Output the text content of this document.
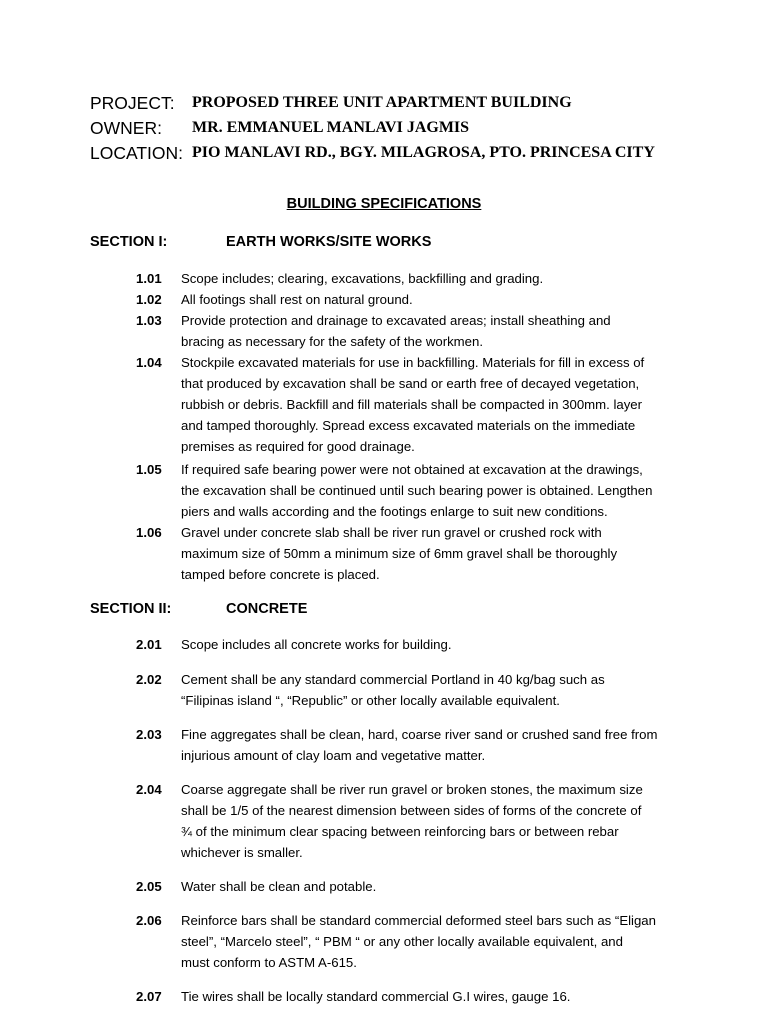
PROJECT: PROPOSED THREE UNIT APARTMENT BUILDING
OWNER: MR. EMMANUEL MANLAVI JAGMIS
LOCATION: PIO MANLAVI RD., BGY. MILAGROSA, PTO. PRINCESA CITY
BUILDING SPECIFICATIONS
SECTION I:	EARTH WORKS/SITE WORKS
1.01 Scope includes; clearing, excavations, backfilling and grading.
1.02 All footings shall rest on natural ground.
1.03 Provide protection and drainage to excavated areas; install sheathing and
bracing as necessary for the safety of the workmen.
1.04 Stockpile excavated materials for use in backfilling. Materials for fill in excess of
that produced by excavation shall be sand or earth free of decayed vegetation,
rubbish or debris. Backfill and fill materials shall be compacted in 300mm. layer
and tamped thoroughly. Spread excess excavated materials on the immediate
premises as required for good drainage.
1.05 If required safe bearing power were not obtained at excavation at the drawings,
the excavation shall be continued until such bearing power is obtained. Lengthen
piers and walls according and the footings enlarge to suit new conditions.
1.06 Gravel under concrete slab shall be river run gravel or crushed rock with
maximum size of 50mm a minimum size of 6mm gravel shall be thoroughly
tamped before concrete is placed.
SECTION II:	CONCRETE
2.01 Scope includes all concrete works for building.
2.02 Cement shall be any standard commercial Portland in 40 kg/bag such as
“Filipinas island “, “Republic” or other locally available equivalent.
2.03 Fine aggregates shall be clean, hard, coarse river sand or crushed sand free from
injurious amount of clay loam and vegetative matter.
2.04 Coarse aggregate shall be river run gravel or broken stones, the maximum size
shall be 1/5 of the nearest dimension between sides of forms of the concrete of
¾ of the minimum clear spacing between reinforcing bars or between rebar
whichever is smaller.
2.05 Water shall be clean and potable.
2.06 Reinforce bars shall be standard commercial deformed steel bars such as “Eligan
steel”, “Marcelo steel”, “ PBM “ or any other locally available equivalent, and
must conform to ASTM A-615.
2.07 Tie wires shall be locally standard commercial G.I wires, gauge 16.
